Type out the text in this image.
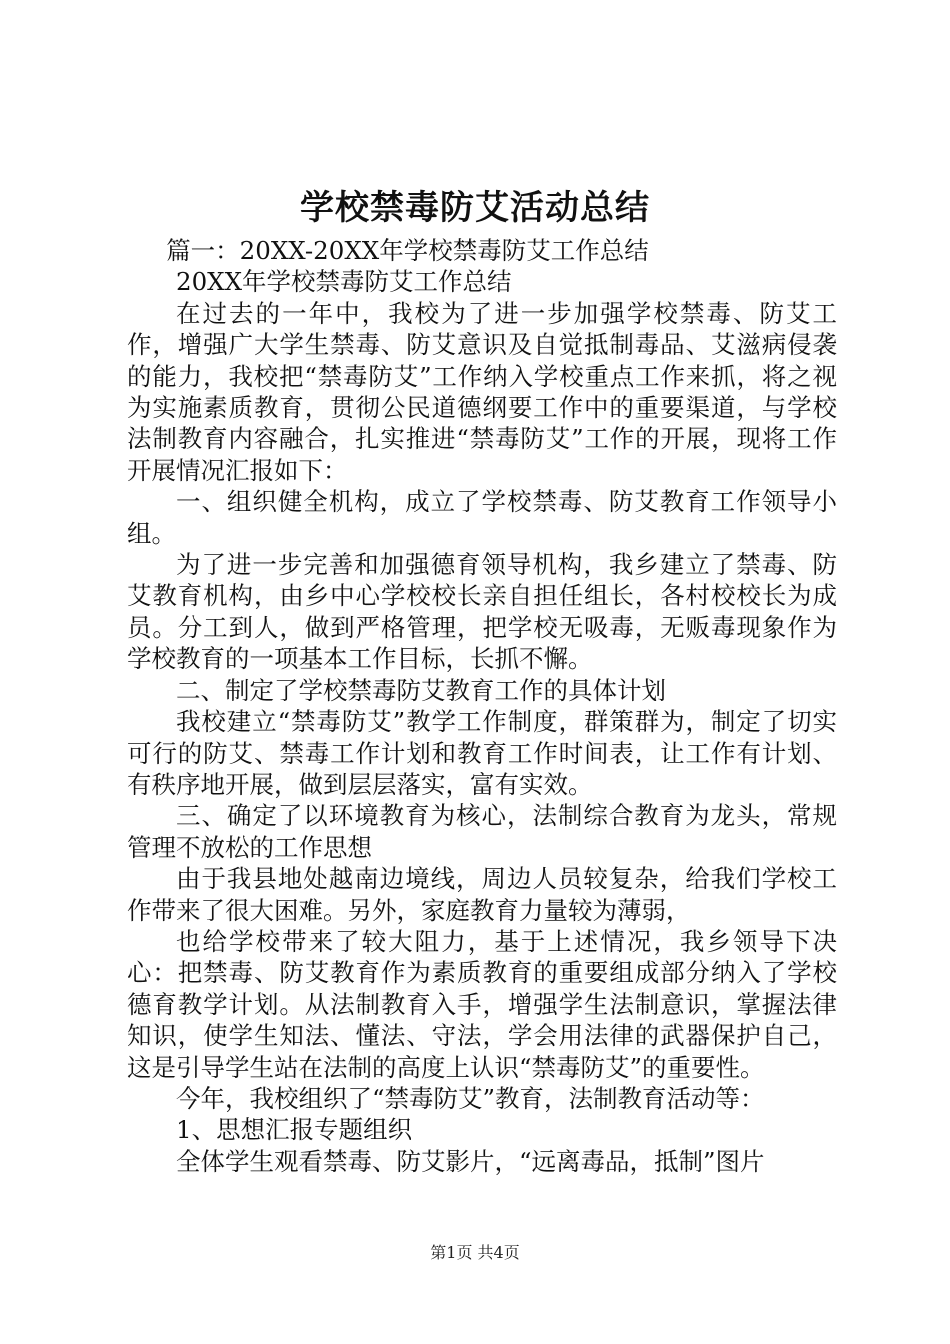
学校禁毒防艾活动总结

篇一：20XX-20XX年学校禁毒防艾工作总结

20XX年学校禁毒防艾工作总结

在过去的一年中，我校为了进一步加强学校禁毒、防艾工作，增强广大学生禁毒、防艾意识及自觉抵制毒品、艾滋病侵袭的能力，我校把“禁毒防艾”工作纳入学校重点工作来抓，将之视为实施素质教育，贯彻公民道德纲要工作中的重要渠道，与学校法制教育内容融合，扎实推进“禁毒防艾”工作的开展，现将工作开展情况汇报如下：

一、组织健全机构，成立了学校禁毒、防艾教育工作领导小组。

为了进一步完善和加强德育领导机构，我乡建立了禁毒、防艾教育机构，由乡中心学校校长亲自担任组长，各村校校长为成员。分工到人，做到严格管理，把学校无吸毒，无贩毒现象作为学校教育的一项基本工作目标，长抓不懈。

二、制定了学校禁毒防艾教育工作的具体计划

我校建立“禁毒防艾”教学工作制度，群策群为，制定了切实可行的防艾、禁毒工作计划和教育工作时间表，让工作有计划、有秩序地开展，做到层层落实，富有实效。

三、确定了以环境教育为核心，法制综合教育为龙头，常规管理不放松的工作思想

由于我县地处越南边境线，周边人员较复杂，给我们学校工作带来了很大困难。另外，家庭教育力量较为薄弱，

也给学校带来了较大阻力，基于上述情况，我乡领导下决心：把禁毒、防艾教育作为素质教育的重要组成部分纳入了学校德育教学计划。从法制教育入手，增强学生法制意识，掌握法律知识，使学生知法、懂法、守法，学会用法律的武器保护自己，这是引导学生站在法制的高度上认识“禁毒防艾”的重要性。

今年，我校组织了“禁毒防艾”教育，法制教育活动等：

1、思想汇报专题组织

全体学生观看禁毒、防艾影片，“远离毒品，抵制”图片

第1页 共4页
